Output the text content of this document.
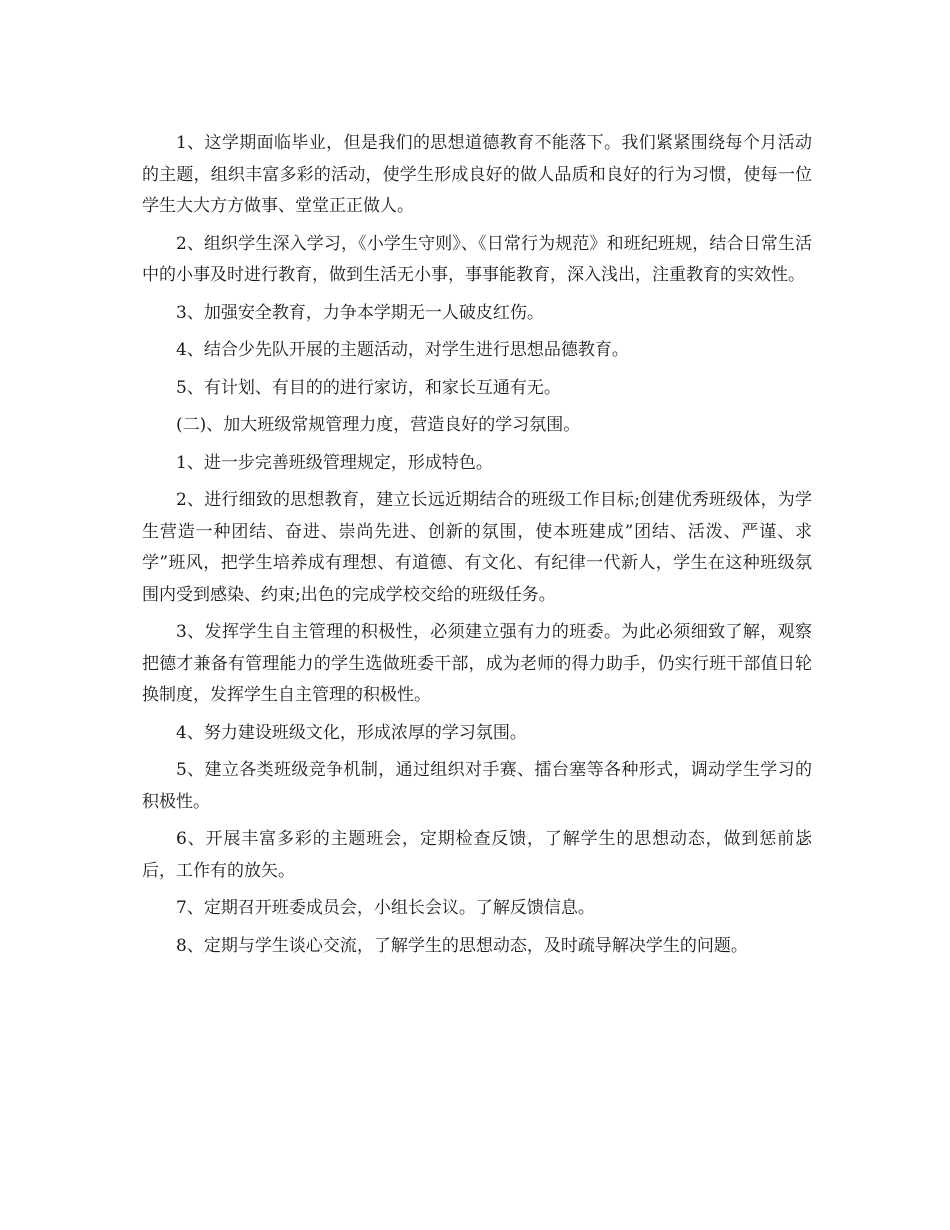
1、这学期面临毕业，但是我们的思想道德教育不能落下。我们紧紧围绕每个月活动的主题，组织丰富多彩的活动，使学生形成良好的做人品质和良好的行为习惯，使每一位学生大大方方做事、堂堂正正做人。

2、组织学生深入学习，《小学生守则》、《日常行为规范》和班纪班规，结合日常生活中的小事及时进行教育，做到生活无小事，事事能教育，深入浅出，注重教育的实效性。

3、加强安全教育，力争本学期无一人破皮红伤。

4、结合少先队开展的主题活动，对学生进行思想品德教育。

5、有计划、有目的的进行家访，和家长互通有无。

(二)、加大班级常规管理力度，营造良好的学习氛围。

1、进一步完善班级管理规定，形成特色。

2、进行细致的思想教育，建立长远近期结合的班级工作目标;创建优秀班级体，为学生营造一种团结、奋进、崇尚先进、创新的氛围，使本班建成”团结、活泼、严谨、求学”班风，把学生培养成有理想、有道德、有文化、有纪律一代新人，学生在这种班级氛围内受到感染、约束;出色的完成学校交给的班级任务。

3、发挥学生自主管理的积极性，必须建立强有力的班委。为此必须细致了解，观察把德才兼备有管理能力的学生选做班委干部，成为老师的得力助手，仍实行班干部值日轮换制度，发挥学生自主管理的积极性。

4、努力建设班级文化，形成浓厚的学习氛围。

5、建立各类班级竞争机制，通过组织对手赛、擂台塞等各种形式，调动学生学习的积极性。

6、开展丰富多彩的主题班会，定期检查反馈，了解学生的思想动态，做到惩前毖后，工作有的放矢。

7、定期召开班委成员会，小组长会议。了解反馈信息。

8、定期与学生谈心交流，了解学生的思想动态，及时疏导解决学生的问题。
